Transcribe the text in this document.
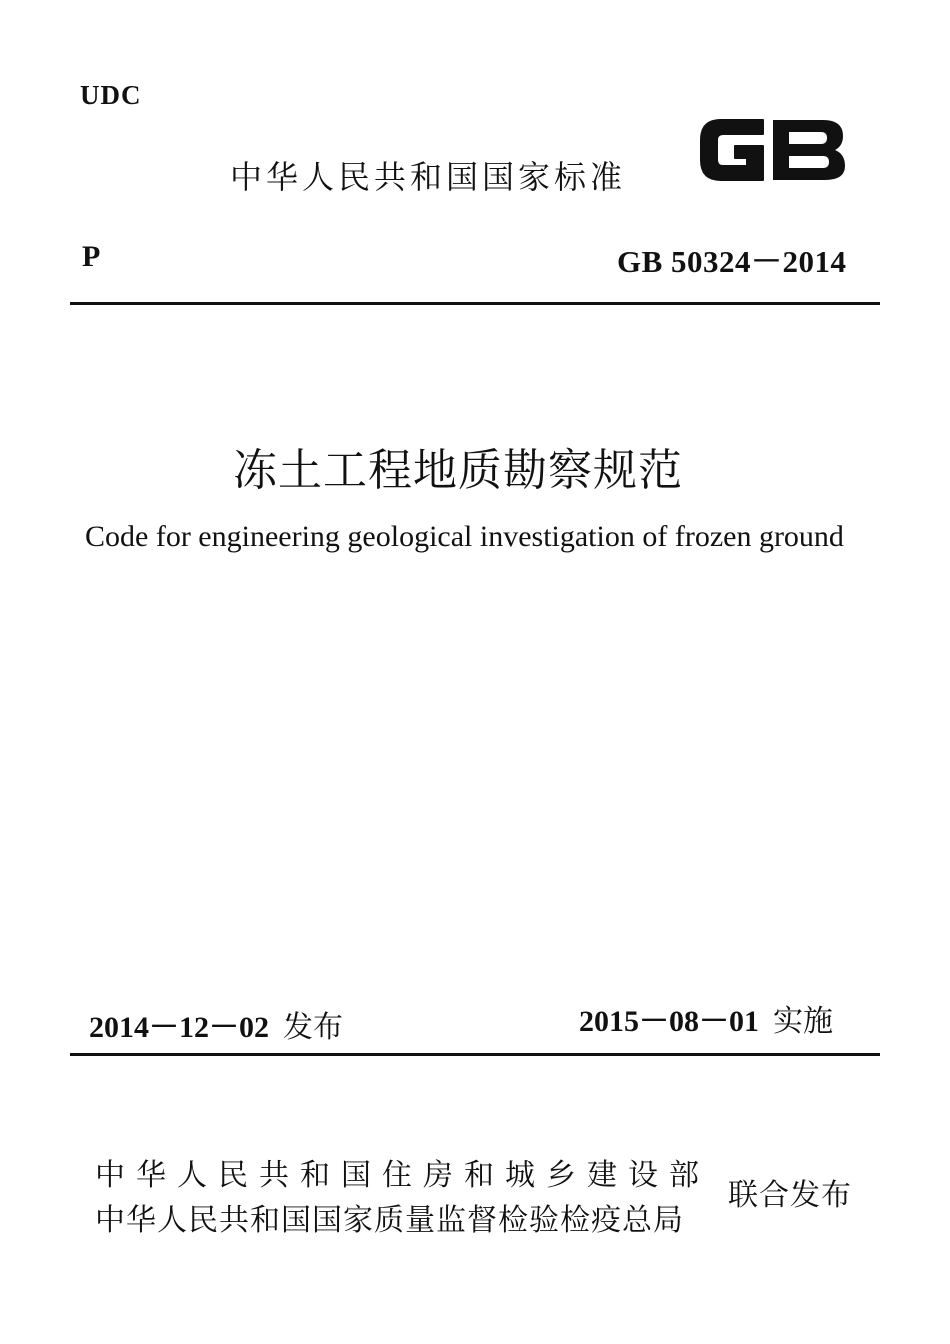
UDC
中华人民共和国国家标准
GB
P	GB 50324－2014
冻土工程地质勘察规范
Code for engineering geological investigation of frozen ground
2014－12－02 发布	2015－08－01 实施
中华人民共和国住房和城乡建设部
中华人民共和国国家质量监督检验检疫总局
联合发布
